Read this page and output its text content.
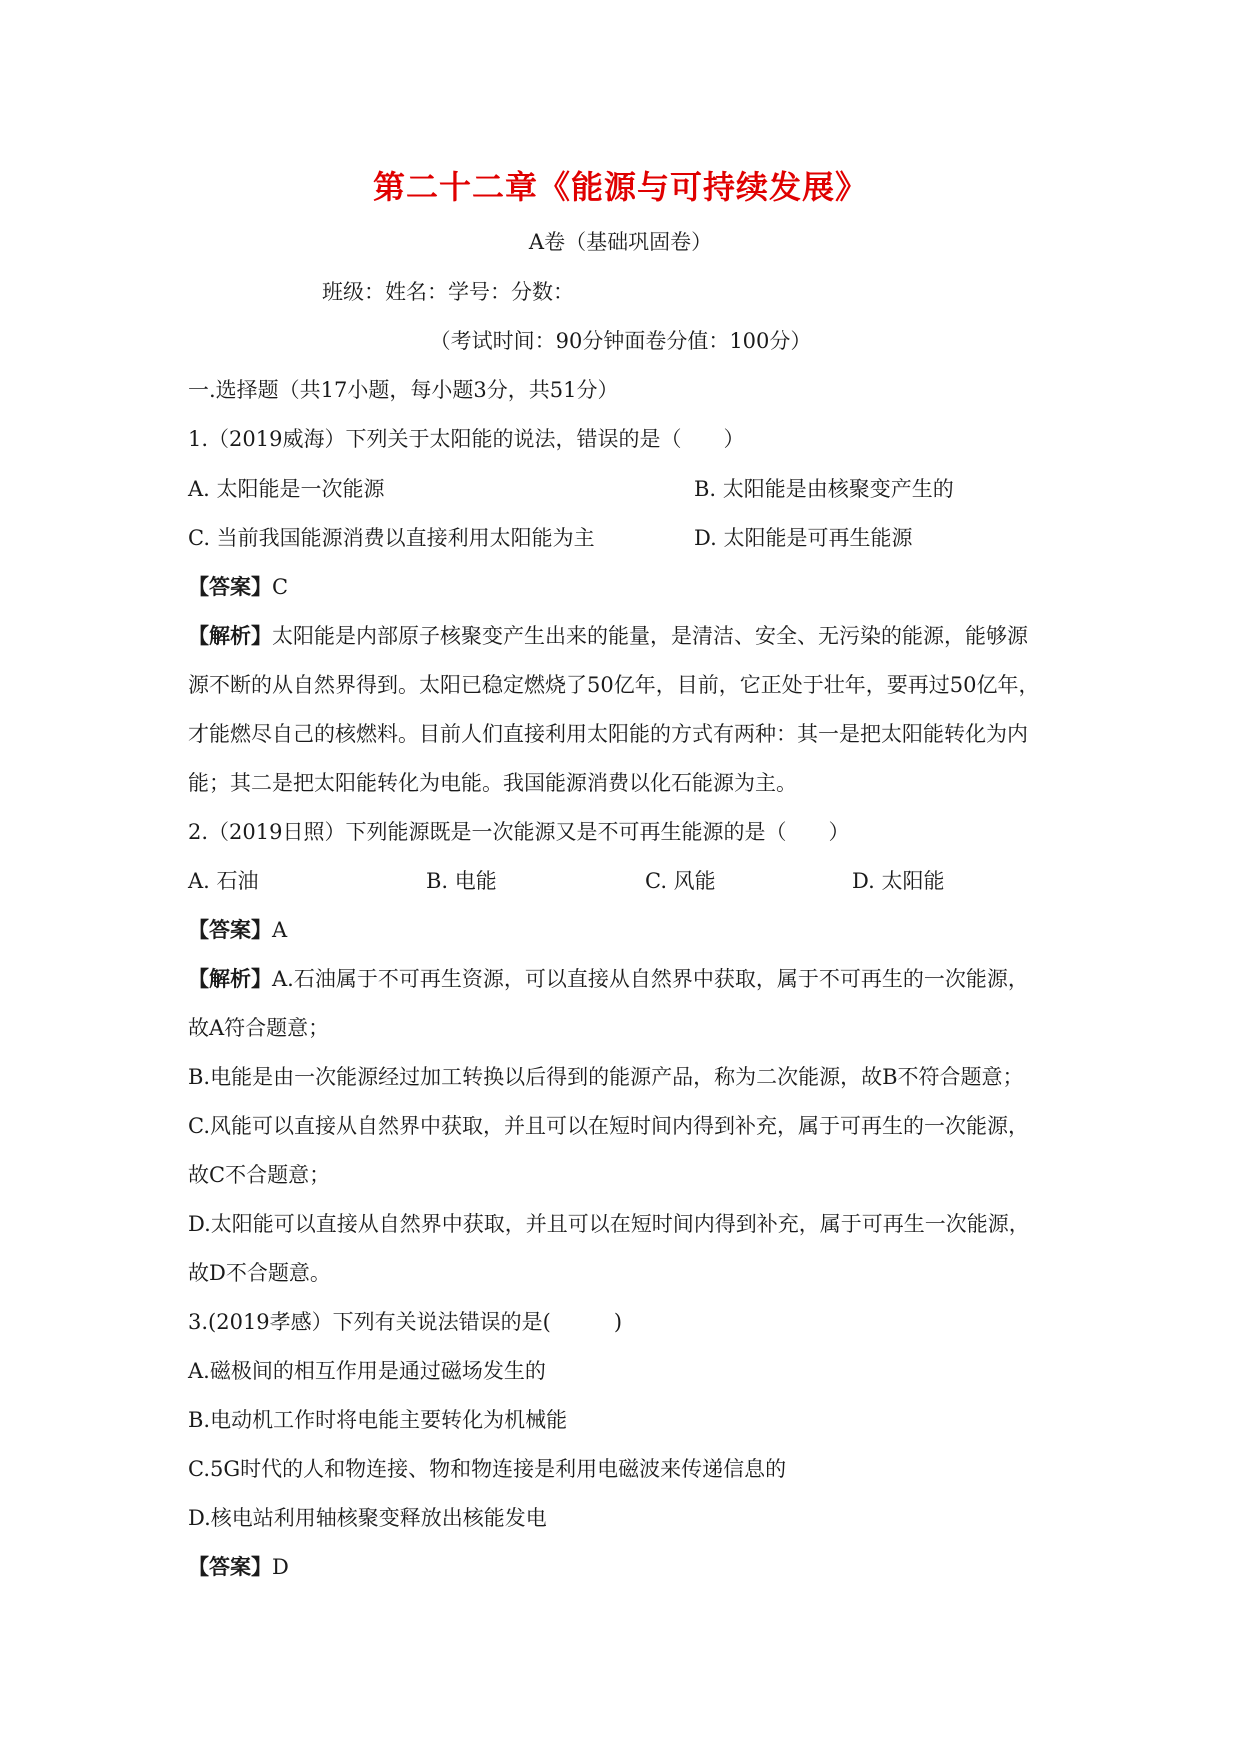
第二十二章《能源与可持续发展》
A卷（基础巩固卷）
班级：姓名：学号：分数：
（考试时间：90分钟面卷分值：100分）
一.选择题（共17小题，每小题3分，共51分）
1.（2019威海）下列关于太阳能的说法，错误的是（　　）
A. 太阳能是一次能源	B. 太阳能是由核聚变产生的
C. 当前我国能源消费以直接利用太阳能为主	D. 太阳能是可再生能源
【答案】C
【解析】太阳能是内部原子核聚变产生出来的能量，是清洁、安全、无污染的能源，能够源
源不断的从自然界得到。太阳已稳定燃烧了50亿年，目前，它正处于壮年，要再过50亿年，
才能燃尽自己的核燃料。目前人们直接利用太阳能的方式有两种：其一是把太阳能转化为内
能；其二是把太阳能转化为电能。我国能源消费以化石能源为主。
2.（2019日照）下列能源既是一次能源又是不可再生能源的是（　　）
A. 石油	B. 电能	C. 风能	D. 太阳能
【答案】A
【解析】A.石油属于不可再生资源，可以直接从自然界中获取，属于不可再生的一次能源，
故A符合题意；
B.电能是由一次能源经过加工转换以后得到的能源产品，称为二次能源，故B不符合题意；
C.风能可以直接从自然界中获取，并且可以在短时间内得到补充，属于可再生的一次能源，
故C不合题意；
D.太阳能可以直接从自然界中获取，并且可以在短时间内得到补充，属于可再生一次能源，
故D不合题意。
3.(2019孝感）下列有关说法错误的是(　　　)
A.磁极间的相互作用是通过磁场发生的
B.电动机工作时将电能主要转化为机械能
C.5G时代的人和物连接、物和物连接是利用电磁波来传递信息的
D.核电站利用轴核聚变释放出核能发电
【答案】D
